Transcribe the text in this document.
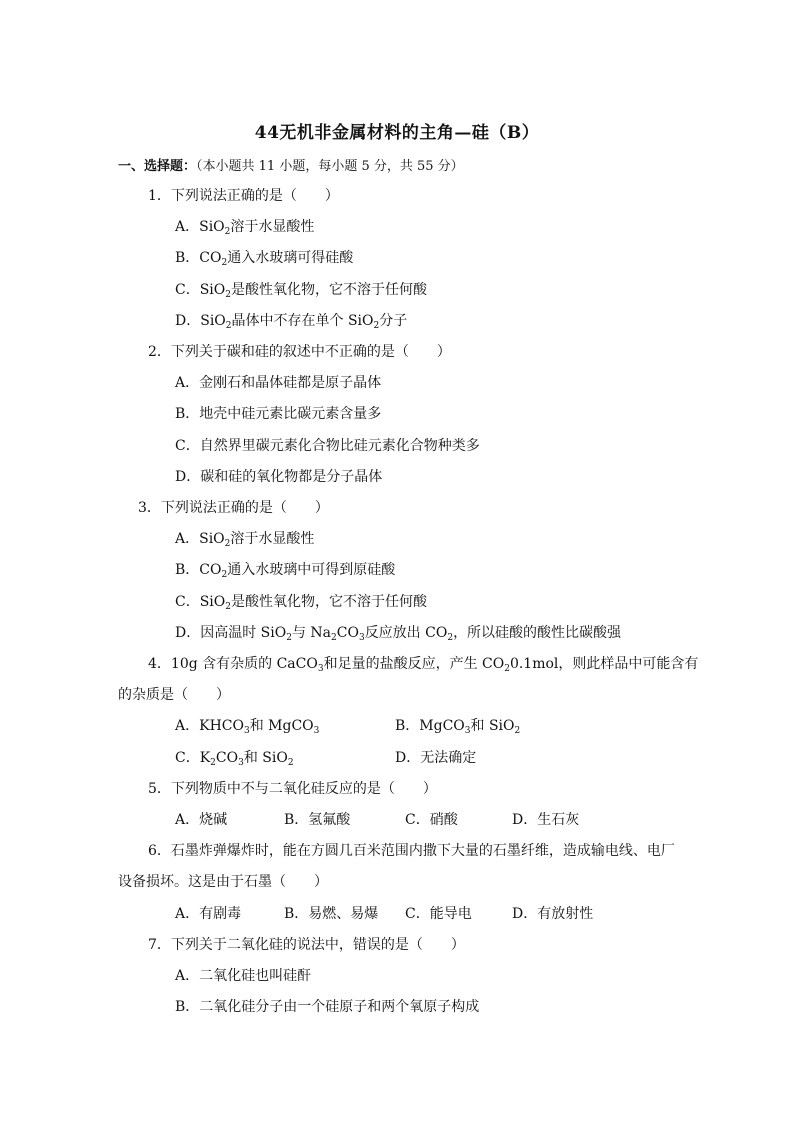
44无机非金属材料的主角—硅（B）
一、选择题：（本小题共 11 小题，每小题 5 分，共 55 分）
1．下列说法正确的是（　　）
A．SiO$_2$溶于水显酸性
B．$CO_2$通入水玻璃可得硅酸
C．SiO$_2$是酸性氧化物，它不溶于任何酸
D．SiO$_2$晶体中不存在单个 SiO$_2$分子
2．下列关于碳和硅的叙述中不正确的是（　　）
A．金刚石和晶体硅都是原子晶体
B．地壳中硅元素比碳元素含量多
C．自然界里碳元素化合物比硅元素化合物种类多
D．碳和硅的氧化物都是分子晶体
3．下列说法正确的是（　　）
A．SiO$_2$溶于水显酸性
B．$CO_2$通入水玻璃中可得到原硅酸
C．SiO$_2$是酸性氧化物，它不溶于任何酸
D．因高温时 SiO$_2$与 $Na_2CO_3$反应放出 $CO_2$，所以硅酸的酸性比碳酸强
4．10g 含有杂质的 CaCO$_3$和足量的盐酸反应，产生 $CO_20.1mol$，则此样品中可能含有
的杂质是（　　）
A．$KHCO_3$和 MgCO$_3$	B．MgCO$_3$和 SiO$_2$
C．$K_2CO_3$和 SiO$_2$	D．无法确定
5．下列物质中不与二氧化硅反应的是（　　）
A．烧碱	B．氢氟酸	C．硝酸	D．生石灰
6．石墨炸弹爆炸时，能在方圆几百米范围内撒下大量的石墨纤维，造成输电线、电厂
设备损坏。这是由于石墨（　　）
A．有剧毒	B．易燃、易爆 C．能导电	D．有放射性
7．下列关于二氧化硅的说法中，错误的是（　　）
A．二氧化硅也叫硅酐
B．二氧化硅分子由一个硅原子和两个氧原子构成
